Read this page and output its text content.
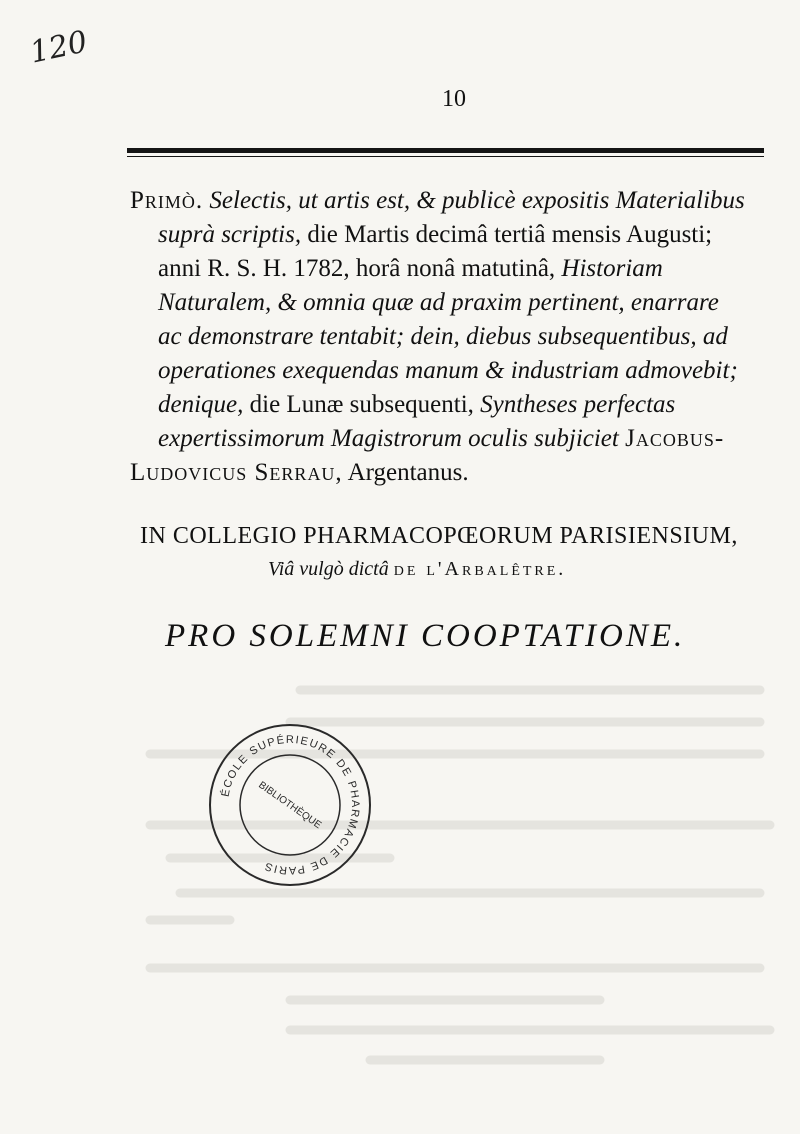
120
10

Primò. Selectis, ut artis est, & publicè expositis Materialibus
suprà scriptis, die Martis decimâ tertiâ mensis Augusti;
anni R. S. H. 1782, horâ nonâ matutinâ, Historiam
Naturalem, & omnia quæ ad praxim pertinent, enarrare
ac demonstrare tentabit; dein, diebus subsequentibus, ad
operationes exequendas manum & industriam admovebit;
denique, die Lunæ subsequenti, Syntheses perfectas
expertissimorum Magistrorum oculis subjiciet Jacobus-
Ludovicus Serrau, Argentanus.

IN COLLEGIO PHARMACOPŒORUM PARISIENSIUM,
Viâ vulgò dictâ de l'Arbalêtre.
PRO SOLEMNI COOPTATIONE.
ÉCOLE SUPÉRIEURE DE PHARMACIE DE PARIS
BIBLIOTHÈQUE
